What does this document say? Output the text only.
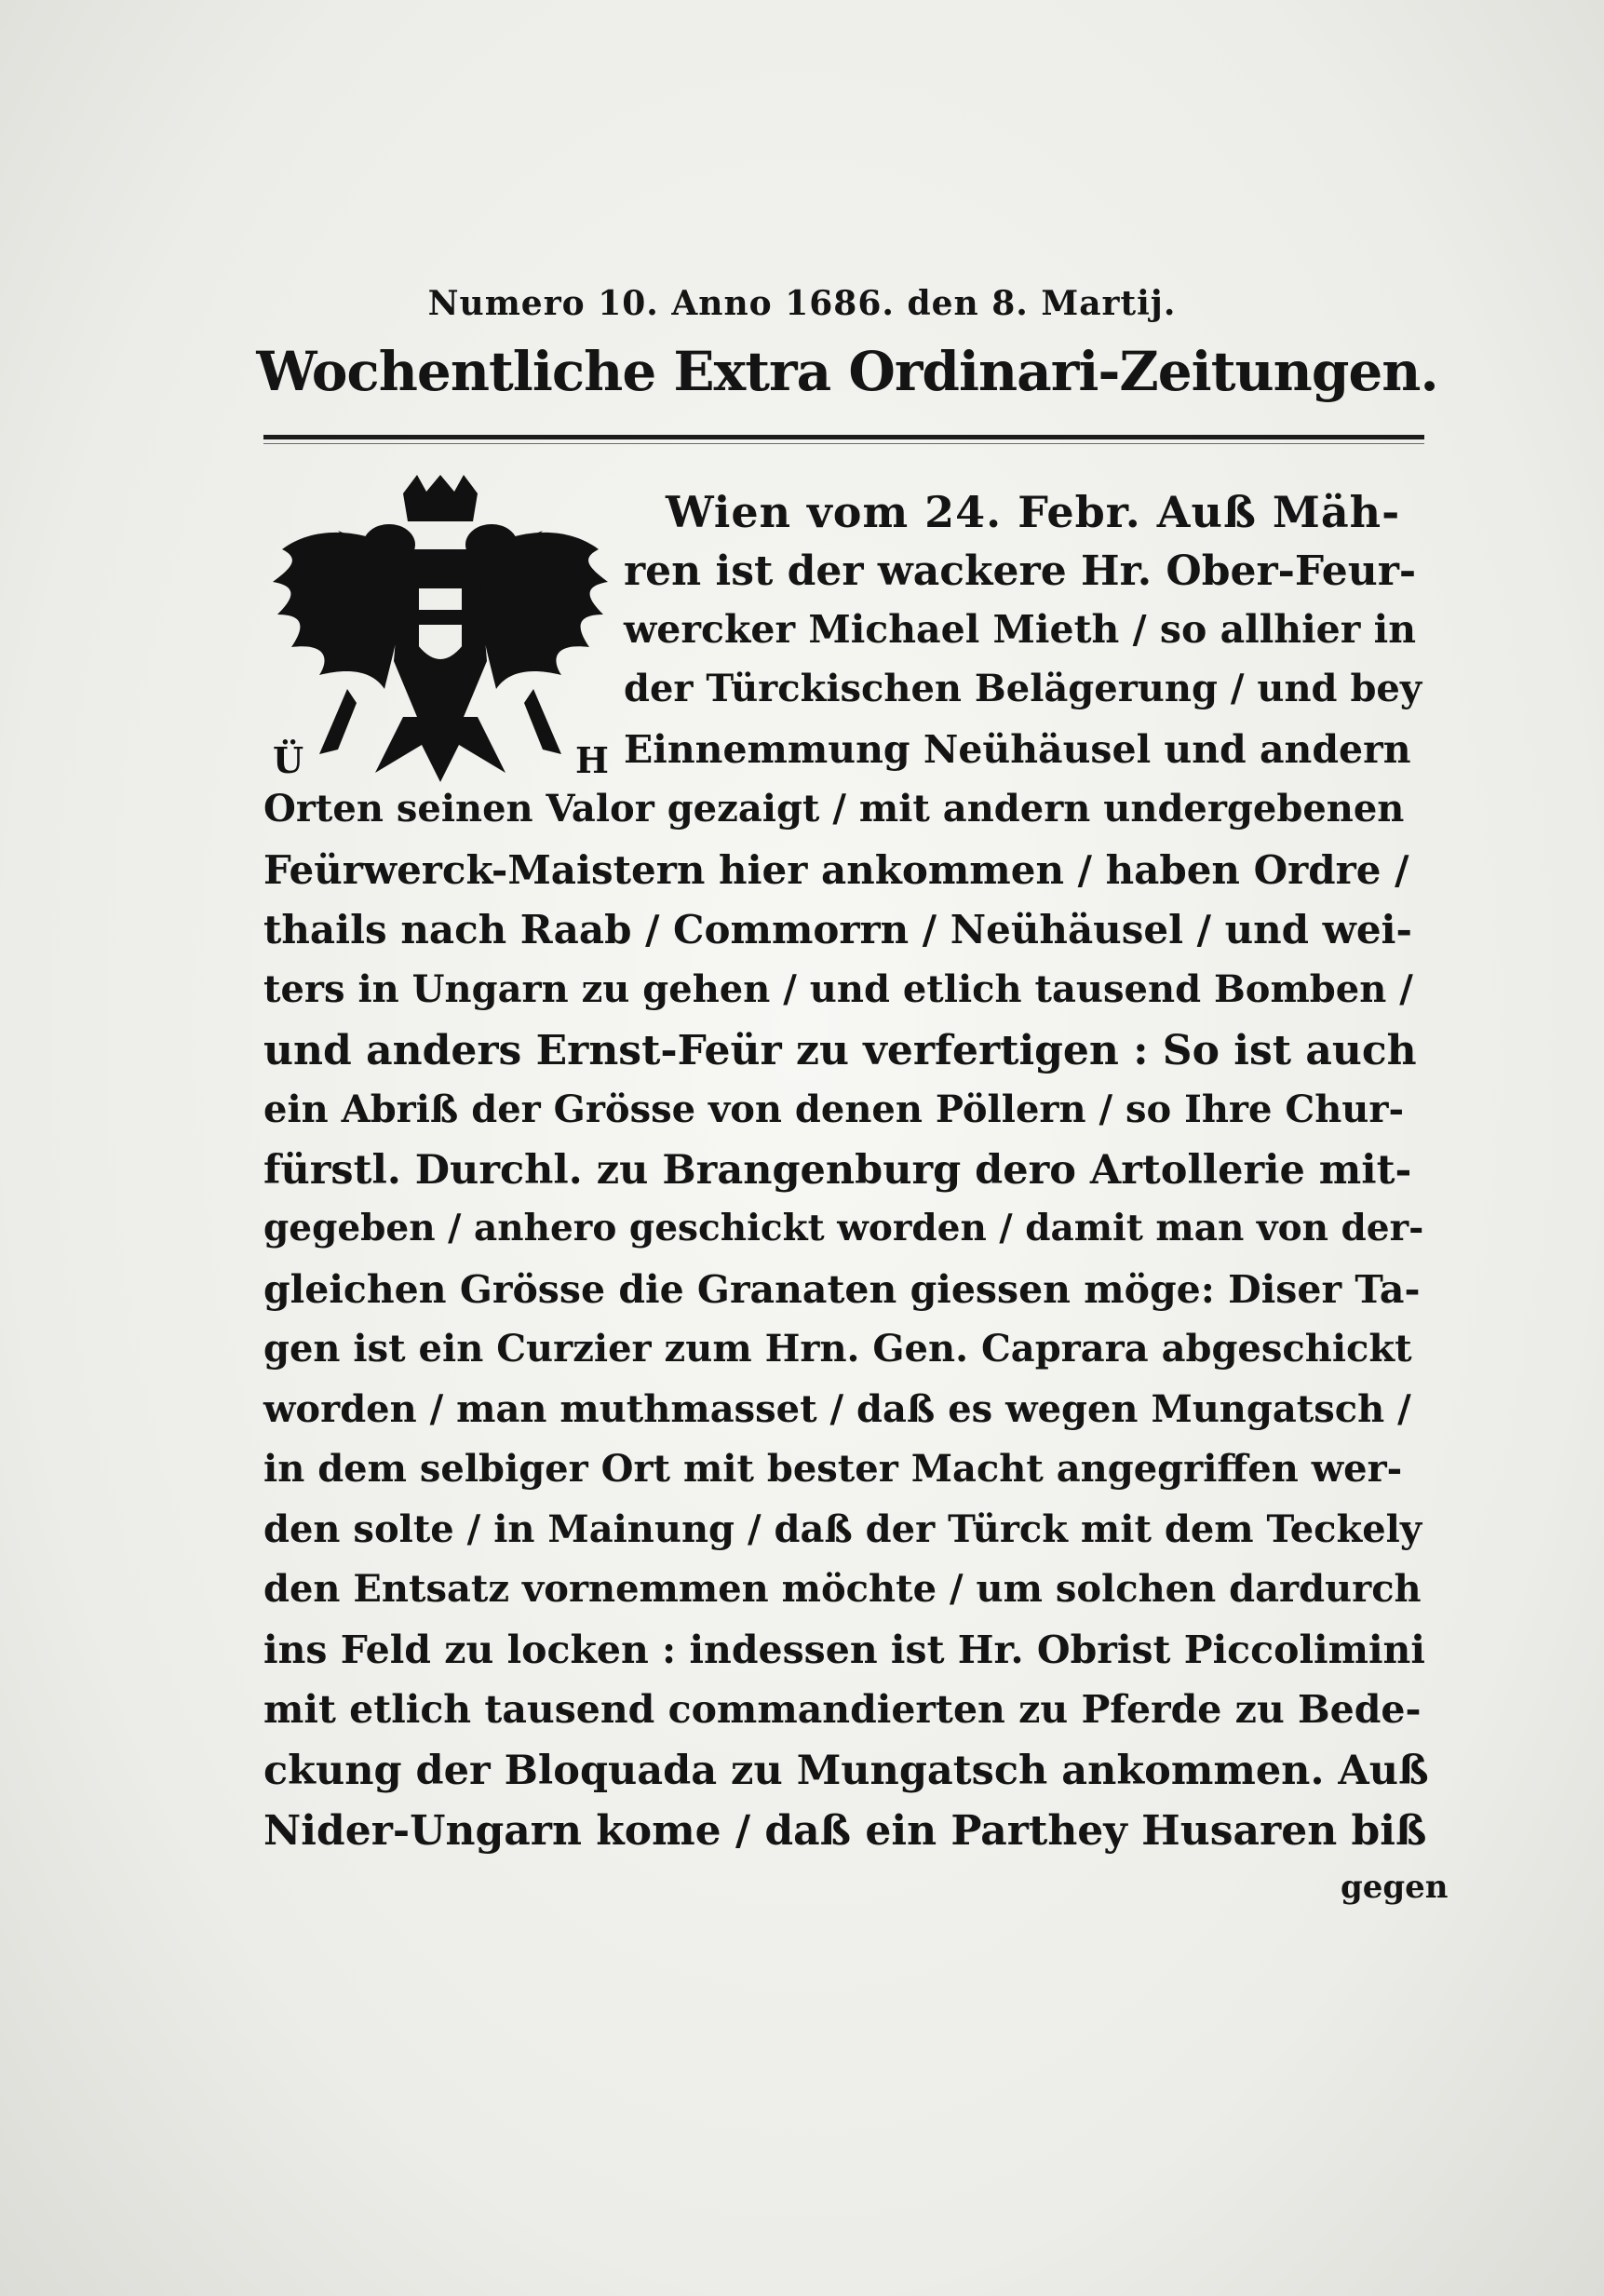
Numero 10. Anno 1686. den 8. Martij.
Wochentliche Extra Ordinari-Zeitungen.
Ü	H
Wien vom 24. Febr. Auß Mäh-
ren ist der wackere Hr. Ober-Feur-
wercker Michael Mieth / so allhier in
der Türckischen Belägerung / und bey
Einnemmung Neühäusel und andern
Orten seinen Valor gezaigt / mit andern undergebenen
Feürwerck-Maistern hier ankommen / haben Ordre /
thails nach Raab / Commorrn / Neühäusel / und wei-
ters in Ungarn zu gehen / und etlich tausend Bomben /
und anders Ernst-Feür zu verfertigen : So ist auch
ein Abriß der Grösse von denen Pöllern / so Ihre Chur-
fürstl. Durchl. zu Brangenburg dero Artollerie mit-
gegeben / anhero geschickt worden / damit man von der-
gleichen Grösse die Granaten giessen möge: Diser Ta-
gen ist ein Curzier zum Hrn. Gen. Caprara abgeschickt
worden / man muthmasset / daß es wegen Mungatsch /
in dem selbiger Ort mit bester Macht angegriffen wer-
den solte / in Mainung / daß der Türck mit dem Teckely
den Entsatz vornemmen möchte / um solchen dardurch
ins Feld zu locken : indessen ist Hr. Obrist Piccolimini
mit etlich tausend commandierten zu Pferde zu Bede-
ckung der Bloquada zu Mungatsch ankommen. Auß
Nider-Ungarn kome / daß ein Parthey Husaren biß
gegen
